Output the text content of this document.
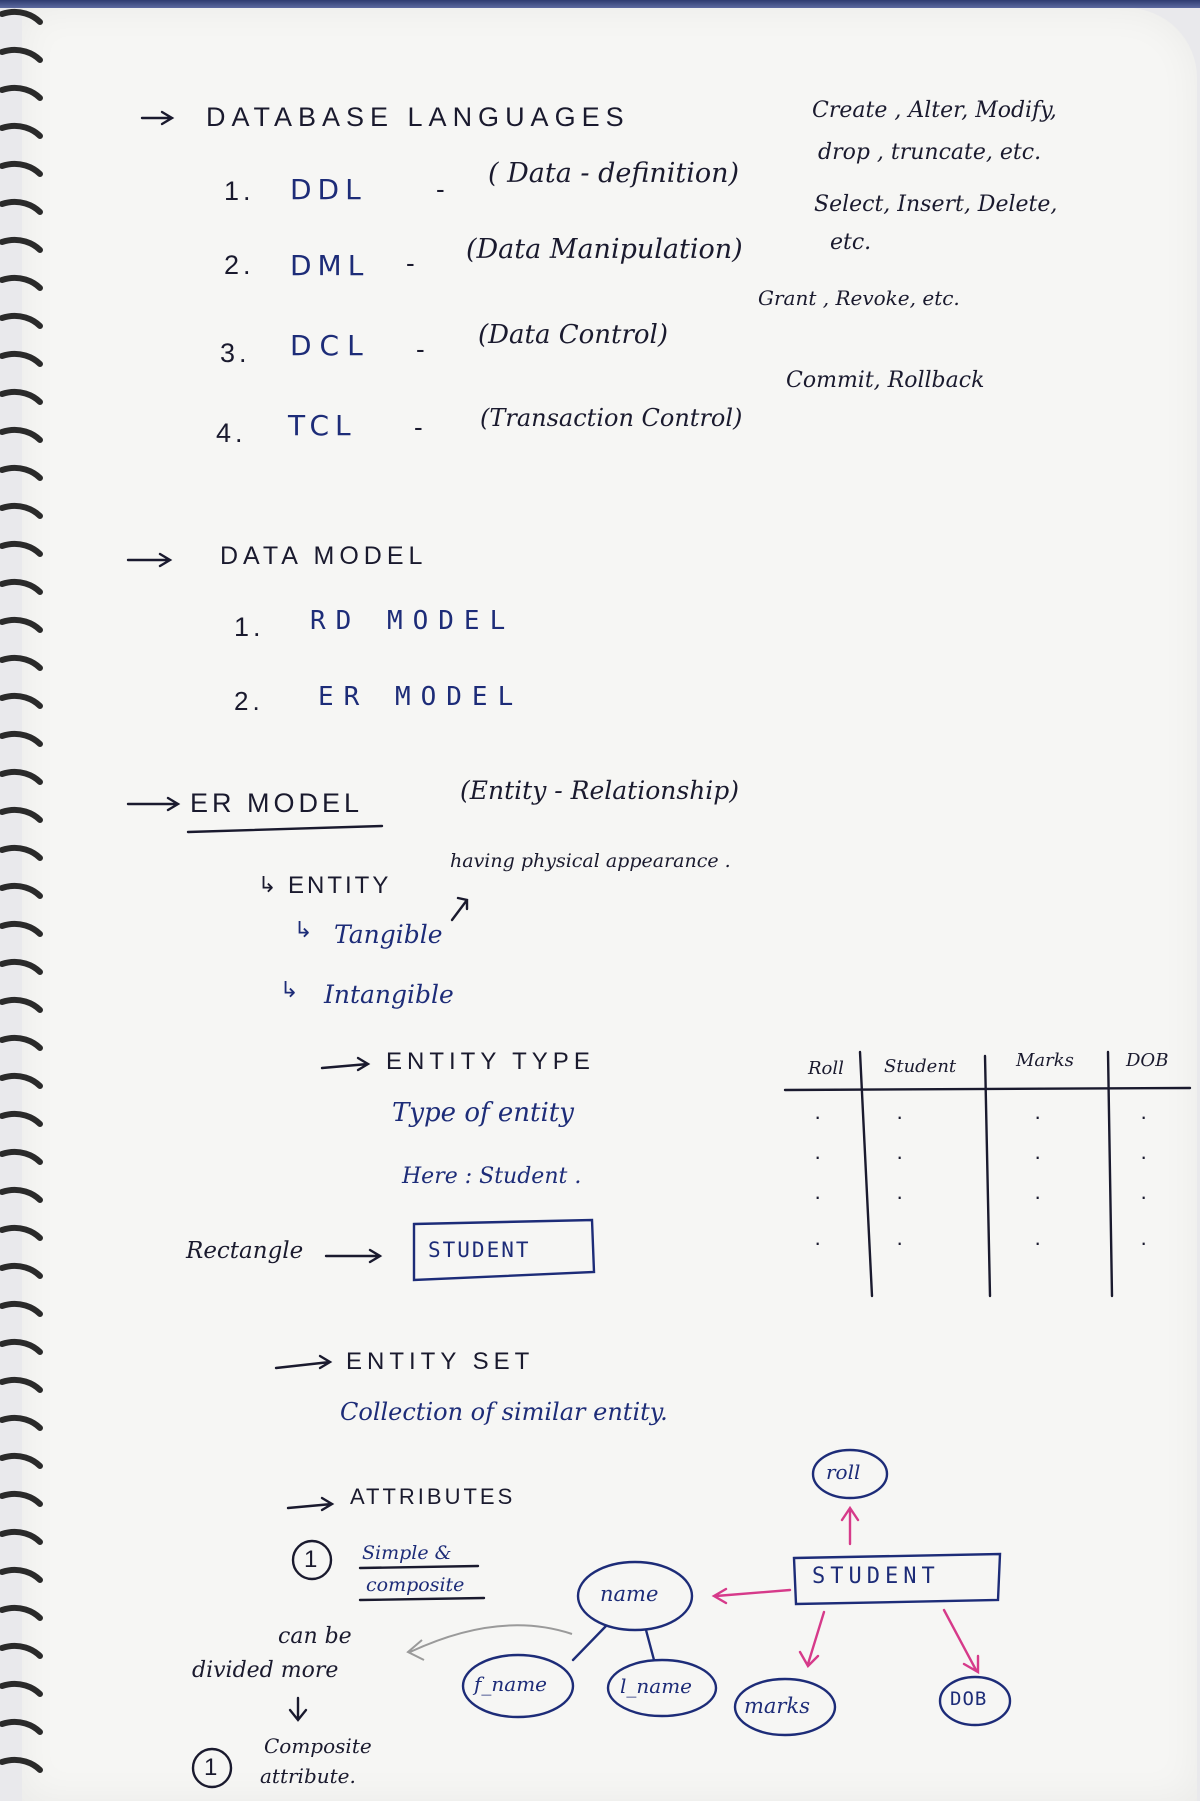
DATABASE LANGUAGES	Create , Alter, Modify,
drop , truncate, etc.
1. DDL	- ( Data - definition)
Select, Insert, Delete,
etc.
2. DML - (Data Manipulation)
Grant , Revoke, etc.
3. DCL - (Data Control)
Commit, Rollback
4. TCL - (Transaction Control)
DATA MODEL
1. RD MODEL
2. ER MODEL
ER MODEL	(Entity - Relationship)
↳ ENTITY
having physical appearance .
↳ Tangible
↳ Intangible
ENTITY TYPE
Type of entity
Here : Student .
Rectangle	STUDENT
Roll Student	Marks	DOB
·	·	·	·
·	·	·	·
·	·	·	·
·	·	·	·
ENTITY SET
Collection of similar entity.
ATTRIBUTES
1 Simple &
composite
can be
divided more
1
Composite
attribute.
STUDENT
roll
name
f_name	l_name
marks	DOB
